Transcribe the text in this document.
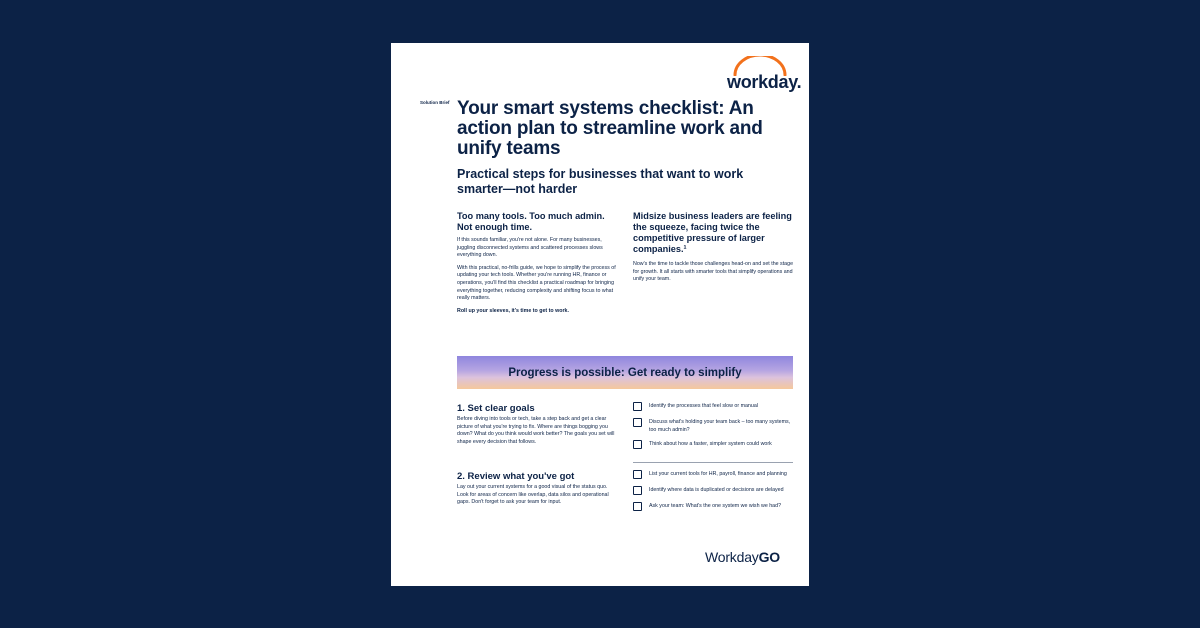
workday.
Solution Brief Your smart systems checklist: An action plan to streamline work and unify teams
Practical steps for businesses that want to work smarter—not harder
Too many tools. Too much admin. Not enough time.

If this sounds familiar, you're not alone. For many businesses, juggling disconnected systems and scattered processes slows everything down.

With this practical, no-frills guide, we hope to simplify the process of updating your tech tools. Whether you're running HR, finance or operations, you'll find this checklist a practical roadmap for bringing everything together, reducing complexity and shifting focus to what really matters.

Roll up your sleeves, it's time to get to work.

Midsize business leaders are feeling the squeeze, facing twice the competitive pressure of larger companies.¹

Now's the time to tackle those challenges head-on and set the stage for growth. It all starts with smarter tools that simplify operations and unify your team.

Progress is possible: Get ready to simplify
1. Set clear goals

Before diving into tools or tech, take a step back and get a clear picture of what you're trying to fix. Where are things bogging you down? What do you think would work better? The goals you set will shape every decision that follows.

Identify the processes that feel slow or manual
Discuss what's holding your team back – too many systems, too much admin?
Think about how a faster, simpler system could work
2. Review what you've got

Lay out your current systems for a good visual of the status quo. Look for areas of concern like overlap, data silos and operational gaps. Don't forget to ask your team for input.

List your current tools for HR, payroll, finance and planning
Identify where data is duplicated or decisions are delayed
Ask your team: What's the one system we wish we had?
WorkdayGO
